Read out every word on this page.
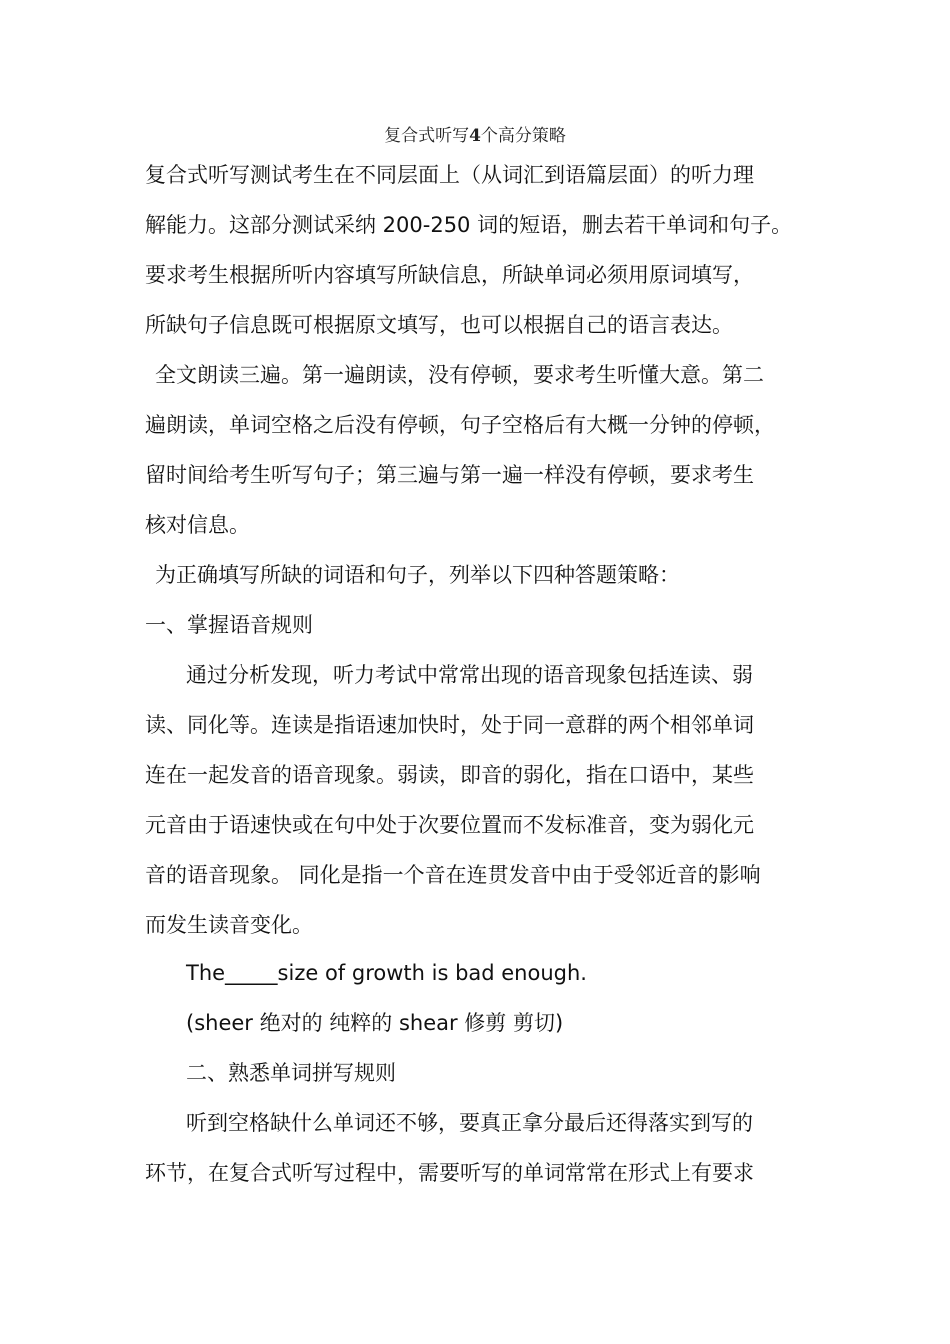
复合式听写4个高分策略
复合式听写测试考生在不同层面上（从词汇到语篇层面）的听力理
解能力。这部分测试采纳 200-250 词的短语，删去若干单词和句子。
要求考生根据所听内容填写所缺信息，所缺单词必须用原词填写，
所缺句子信息既可根据原文填写，也可以根据自己的语言表达。
全文朗读三遍。第一遍朗读，没有停顿，要求考生听懂大意。第二
遍朗读，单词空格之后没有停顿，句子空格后有大概一分钟的停顿，
留时间给考生听写句子；第三遍与第一遍一样没有停顿，要求考生
核对信息。
为正确填写所缺的词语和句子，列举以下四种答题策略：
一、掌握语音规则
通过分析发现，听力考试中常常出现的语音现象包括连读、弱
读、同化等。连读是指语速加快时，处于同一意群的两个相邻单词
连在一起发音的语音现象。弱读，即音的弱化，指在口语中，某些
元音由于语速快或在句中处于次要位置而不发标准音，变为弱化元
音的语音现象。 同化是指一个音在连贯发音中由于受邻近音的影响
而发生读音变化。
The_____size of growth is bad enough.
(sheer 绝对的 纯粹的 shear 修剪 剪切)
二、熟悉单词拼写规则
听到空格缺什么单词还不够，要真正拿分最后还得落实到写的
环节，在复合式听写过程中，需要听写的单词常常在形式上有要求
